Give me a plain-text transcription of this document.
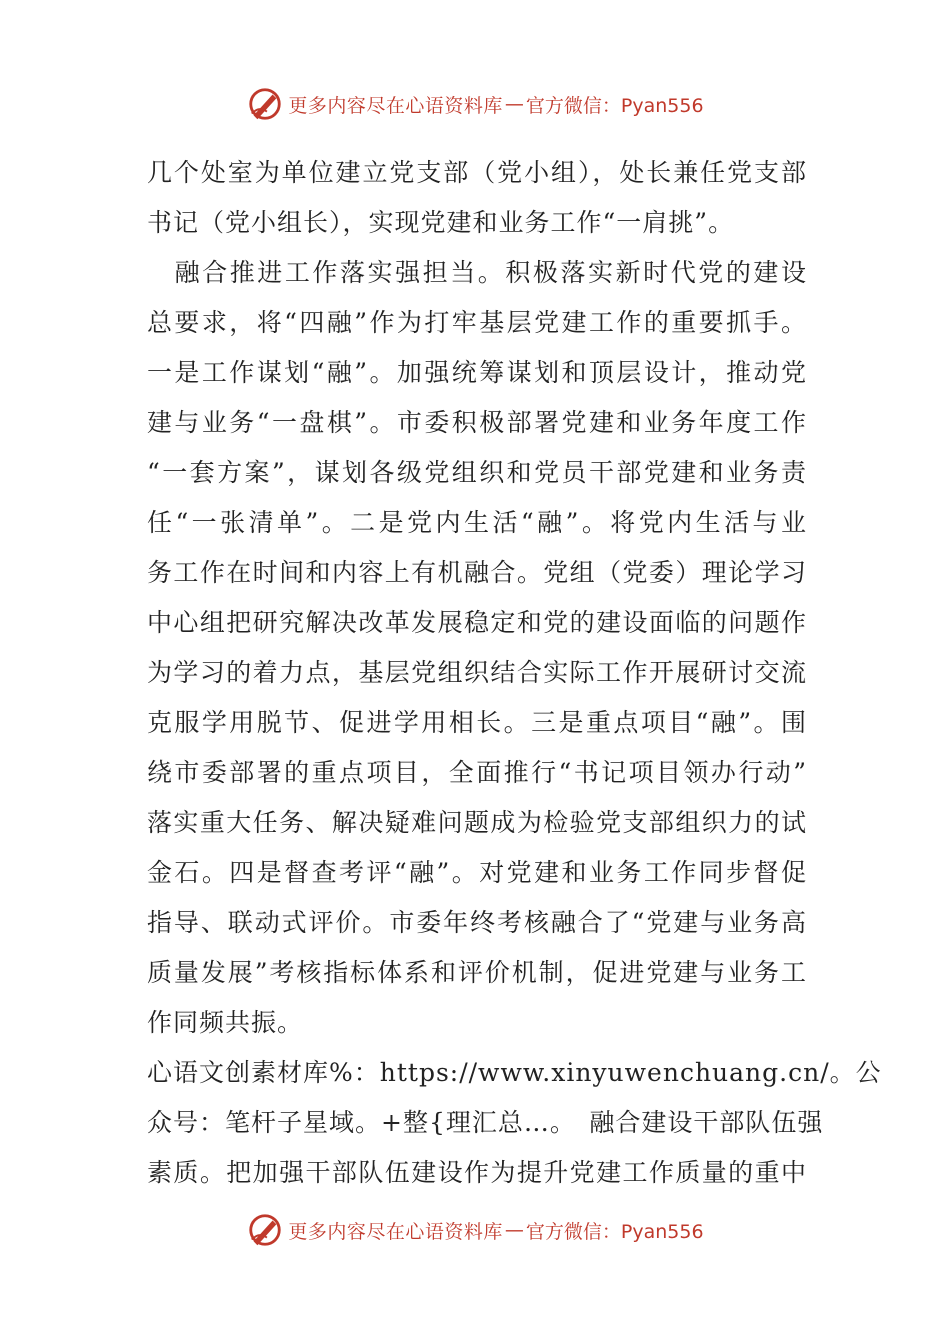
更多内容尽在心语资料库 — 官方微信：Pyan556
几个处室为单位建立党支部（党小组），处长兼任党支部
书记（党小组长），实现党建和业务工作“一肩挑”。
　融合推进工作落实强担当。积极落实新时代党的建设
总要求，将“四融”作为打牢基层党建工作的重要抓手。
一是工作谋划“融”。加强统筹谋划和顶层设计，推动党
建与业务“一盘棋”。市委积极部署党建和业务年度工作
“一套方案”，谋划各级党组织和党员干部党建和业务责
任“一张清单”。二是党内生活“融”。将党内生活与业
务工作在时间和内容上有机融合。党组（党委）理论学习
中心组把研究解决改革发展稳定和党的建设面临的问题作
为学习的着力点，基层党组织结合实际工作开展研讨交流
克服学用脱节、促进学用相长。三是重点项目“融”。围
绕市委部署的重点项目，全面推行“书记项目领办行动”
落实重大任务、解决疑难问题成为检验党支部组织力的试
金石。四是督查考评“融”。对党建和业务工作同步督促
指导、联动式评价。市委年终考核融合了“党建与业务高
质量发展”考核指标体系和评价机制，促进党建与业务工
作同频共振。
心语文创素材库%：https://www.xinyuwenchuang.cn/。公
众号：笔杆子星域。+整{理汇总…。　融合建设干部队伍强
素质。把加强干部队伍建设作为提升党建工作质量的重中
更多内容尽在心语资料库 — 官方微信：Pyan556
